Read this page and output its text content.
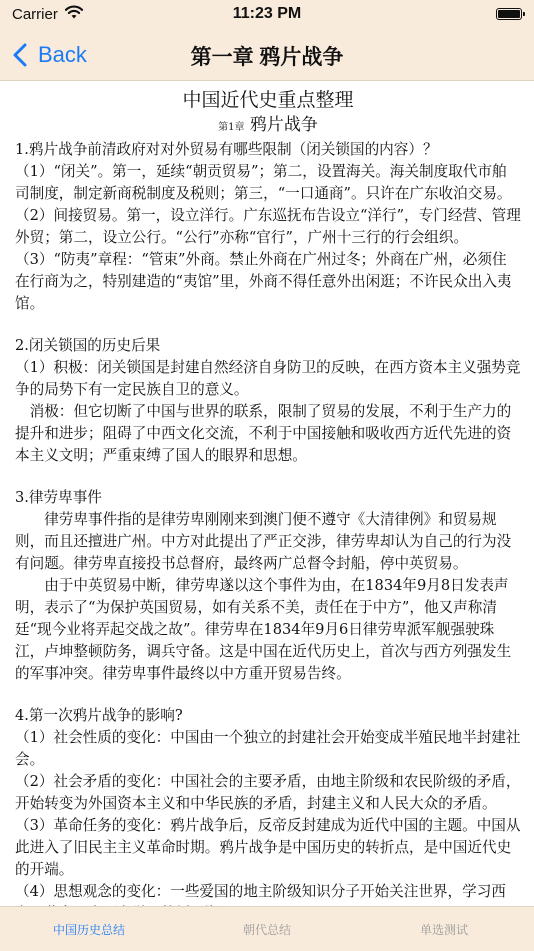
Carrier	11:23 PM
Back	第一章 鸦片战争
中国近代史重点整理
第1章 鸦片战争

1.鸦片战争前清政府对对外贸易有哪些限制（闭关锁国的内容）？

（1）“闭关”。第一，延续“朝贡贸易”；第二，设置海关。海关制度取代市舶司制度，制定新商税制度及税则；第三，“一口通商”。只许在广东收泊交易。

（2）间接贸易。第一，设立洋行。广东巡抚布告设立“洋行”，专门经营、管理外贸；第二，设立公行。“公行”亦称“官行”，广州十三行的行会组织。

（3）“防夷”章程：“管束”外商。禁止外商在广州过冬；外商在广州，必须住在行商为之，特别建造的“夷馆”里，外商不得任意外出闲逛；不许民众出入夷馆。

2.闭关锁国的历史后果

（1）积极：闭关锁国是封建自然经济自身防卫的反映，在西方资本主义强势竞争的局势下有一定民族自卫的意义。

　消极：但它切断了中国与世界的联系，限制了贸易的发展，不利于生产力的提升和进步；阻碍了中西文化交流，不利于中国接触和吸收西方近代先进的资本主义文明；严重束缚了国人的眼界和思想。

3.律劳卑事件

律劳卑事件指的是律劳卑刚刚来到澳门便不遵守《大清律例》和贸易规则，而且还擅进广州。中方对此提出了严正交涉，律劳卑却认为自己的行为没有问题。律劳卑直接投书总督府，最终两广总督令封船，停中英贸易。

由于中英贸易中断，律劳卑遂以这个事件为由，在1834年9月8日发表声明，表示了“为保护英国贸易，如有关系不美，责任在于中方”，他又声称清廷“现今业将弄起交战之故”。律劳卑在1834年9月6日律劳卑派军舰强驶珠江，卢坤整顿防务，调兵守备。这是中国在近代历史上，首次与西方列强发生的军事冲突。律劳卑事件最终以中方重开贸易告终。

4.第一次鸦片战争的影响?

（1）社会性质的变化：中国由一个独立的封建社会开始变成半殖民地半封建社会。

（2）社会矛盾的变化：中国社会的主要矛盾，由地主阶级和农民阶级的矛盾，开始转变为外国资本主义和中华民族的矛盾，封建主义和人民大众的矛盾。

（3）革命任务的变化：鸦片战争后，反帝反封建成为近代中国的主题。中国从此进入了旧民主主义革命时期。鸦片战争是中国历史的转折点，是中国近代史的开端。

（4）思想观念的变化：一些爱国的地主阶级知识分子开始关注世界，学习西

中国历史总结	朝代总结	单选测试
